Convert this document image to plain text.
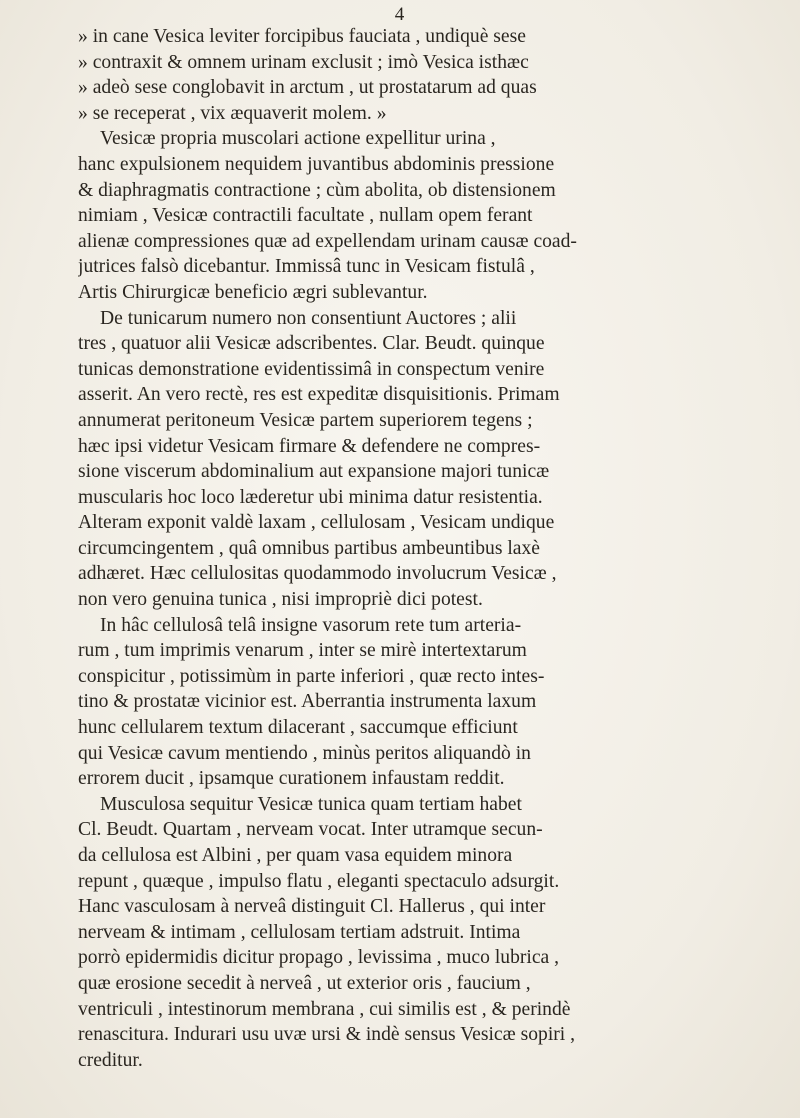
4
» in cane Vesica leviter forcipibus fauciata , undiquè sese
» contraxit & omnem urinam exclusit ; imò Vesica isthæc
» adeò sese conglobavit in arctum , ut prostatarum ad quas
» se receperat , vix æquaverit molem. »
Vesicæ propria muscolari actione expellitur urina ,
hanc expulsionem nequidem juvantibus abdominis pressione
& diaphragmatis contractione ; cùm abolita, ob distensionem
nimiam , Vesicæ contractili facultate , nullam opem ferant
alienæ compressiones quæ ad expellendam urinam causæ coad-
jutrices falsò dicebantur. Immissâ tunc in Vesicam fistulâ ,
Artis Chirurgicæ beneficio ægri sublevantur.
De tunicarum numero non consentiunt Auctores ; alii
tres , quatuor alii Vesicæ adscribentes. Clar. Beudt. quinque
tunicas demonstratione evidentissimâ in conspectum venire
asserit. An vero rectè, res est expeditæ disquisitionis. Primam
annumerat peritoneum Vesicæ partem superiorem tegens ;
hæc ipsi videtur Vesicam firmare & defendere ne compres-
sione viscerum abdominalium aut expansione majori tunicæ
muscularis hoc loco læderetur ubi minima datur resistentia.
Alteram exponit valdè laxam , cellulosam , Vesicam undique
circumcingentem , quâ omnibus partibus ambeuntibus laxè
adhæret. Hæc cellulositas quodammodo involucrum Vesicæ ,
non vero genuina tunica , nisi impropriè dici potest.
In hâc cellulosâ telâ insigne vasorum rete tum arteria-
rum , tum imprimis venarum , inter se mirè intertextarum
conspicitur , potissimùm in parte inferiori , quæ recto intes-
tino & prostatæ vicinior est. Aberrantia instrumenta laxum
hunc cellularem textum dilacerant , saccumque efficiunt
qui Vesicæ cavum mentiendo , minùs peritos aliquandò in
errorem ducit , ipsamque curationem infaustam reddit.
Musculosa sequitur Vesicæ tunica quam tertiam habet
Cl. Beudt. Quartam , nerveam vocat. Inter utramque secun-
da cellulosa est Albini , per quam vasa equidem minora
repunt , quæque , impulso flatu , eleganti spectaculo adsurgit.
Hanc vasculosam à nerveâ distinguit Cl. Hallerus , qui inter
nerveam & intimam , cellulosam tertiam adstruit. Intima
porrò epidermidis dicitur propago , levissima , muco lubrica ,
quæ erosione secedit à nerveâ , ut exterior oris , faucium ,
ventriculi , intestinorum membrana , cui similis est , & perindè
renascitura. Indurari usu uvæ ursi & indè sensus Vesicæ sopiri ,
creditur.
